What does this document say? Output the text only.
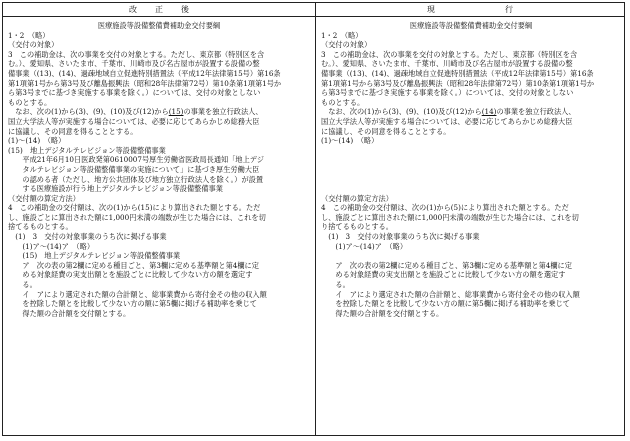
改正後	現行
医療施設等設備整備費補助金交付要綱
1・2　（略）
（交付の対象）
3　この補助金は、次の事業を交付の対象とする。ただし、東京都（特別区を含
む。）、愛知県、さいたま市、千葉市、川崎市及び名古屋市が設置する設備の整
備事業（(13)、(14)、過疎地域自立促進特別措置法（平成12年法律第15号）第16条
第1項第1号から第3号及び離島振興法（昭和28年法律第72号）第10条第1項第1号か
ら第3号までに基づき実施する事業を除く。）については、交付の対象としない
ものとする。
　なお、次の(1)から(3)、(9)、(10)及び(12)から(15)の事業を独立行政法人、
国立大学法人等が実施する場合については、必要に応じてあらかじめ総務大臣
に協議し、その同意を得ることとする。
(1)～(14)　（略）
(15)　地上デジタルテレビジョン等設備整備事業
　　平成21年6月10日医政発第0610007号厚生労働省医政局長通知「地上デジ
　　タルテレビジョン等設備整備事業の実施について」に基づき厚生労働大臣
　　の認める者（ただし、地方公共団体及び地方独立行政法人を除く。）が設置
　　する医療施設が行う地上デジタルテレビジョン等設備整備事業
（交付額の算定方法）
4　この補助金の交付額は、次の(1)から(15)により算出された額とする。ただ
し、施設ごとに算出された額に1,000円未満の端数が生じた場合には、これを切
捨てるものとする。
　(1)　3　交付の対象事業のうち次に掲げる事業
　　(1)ア～(14)ア　（略）
　　(15)　地上デジタルテレビジョン等設備整備事業
　　ア　次の表の第2欄に定める種目ごと、第3欄に定める基準額と第4欄に定
　　める対象経費の実支出額とを施設ごとに比較して少ない方の額を選定す
　　る。
　　イ　アにより選定された額の合計額と、総事業費から寄付金その他の収入額
　　を控除した額とを比較して少ない方の額に第5欄に掲げる補助率を乗じて
　　得た額の合計額を交付額とする。
医療施設等設備整備費補助金交付要綱
1・2　（略）
（交付の対象）
3　この補助金は、次の事業を交付の対象とする。ただし、東京都（特別区を含
む。）、愛知県、さいたま市、千葉市、川崎市及び名古屋市が設置する設備の整
備事業（(13)、(14)、過疎地域自立促進特別措置法（平成12年法律第15号）第16条
第1項第1号から第3号及び離島振興法（昭和28年法律第72号）第10条第1項第1号か
ら第3号までに基づき実施する事業を除く。）については、交付の対象としない
ものとする。
　なお、次の(1)から(3)、(9)、(10)及び(12)から(14)の事業を独立行政法人、
国立大学法人等が実施する場合については、必要に応じてあらかじめ総務大臣
に協議し、その同意を得ることとする。
(1)～(14)　（略）
（交付額の算定方法）
4　この補助金の交付額は、次の(1)から(5)により算出された額とする。ただ
し、施設ごとに算出された額に1,000円未満の端数が生じた場合には、これを切
り捨てるものとする。
　(1)　3　交付の対象事業のうち次に掲げる事業
　　(1)ア～(14)ア　（略）
　　ア　次の表の第2欄に定める種目ごと、第3欄に定める基準額と第4欄に定
　　める対象経費の実支出額とを施設ごとに比較して少ない方の額を選定す
　　る。
　　イ　アにより選定された額の合計額と、総事業費から寄付金その他の収入額
　　を控除した額とを比較して少ない方の額に第5欄に掲げる補助率を乗じて
　　得た額の合計額を交付額とする。
